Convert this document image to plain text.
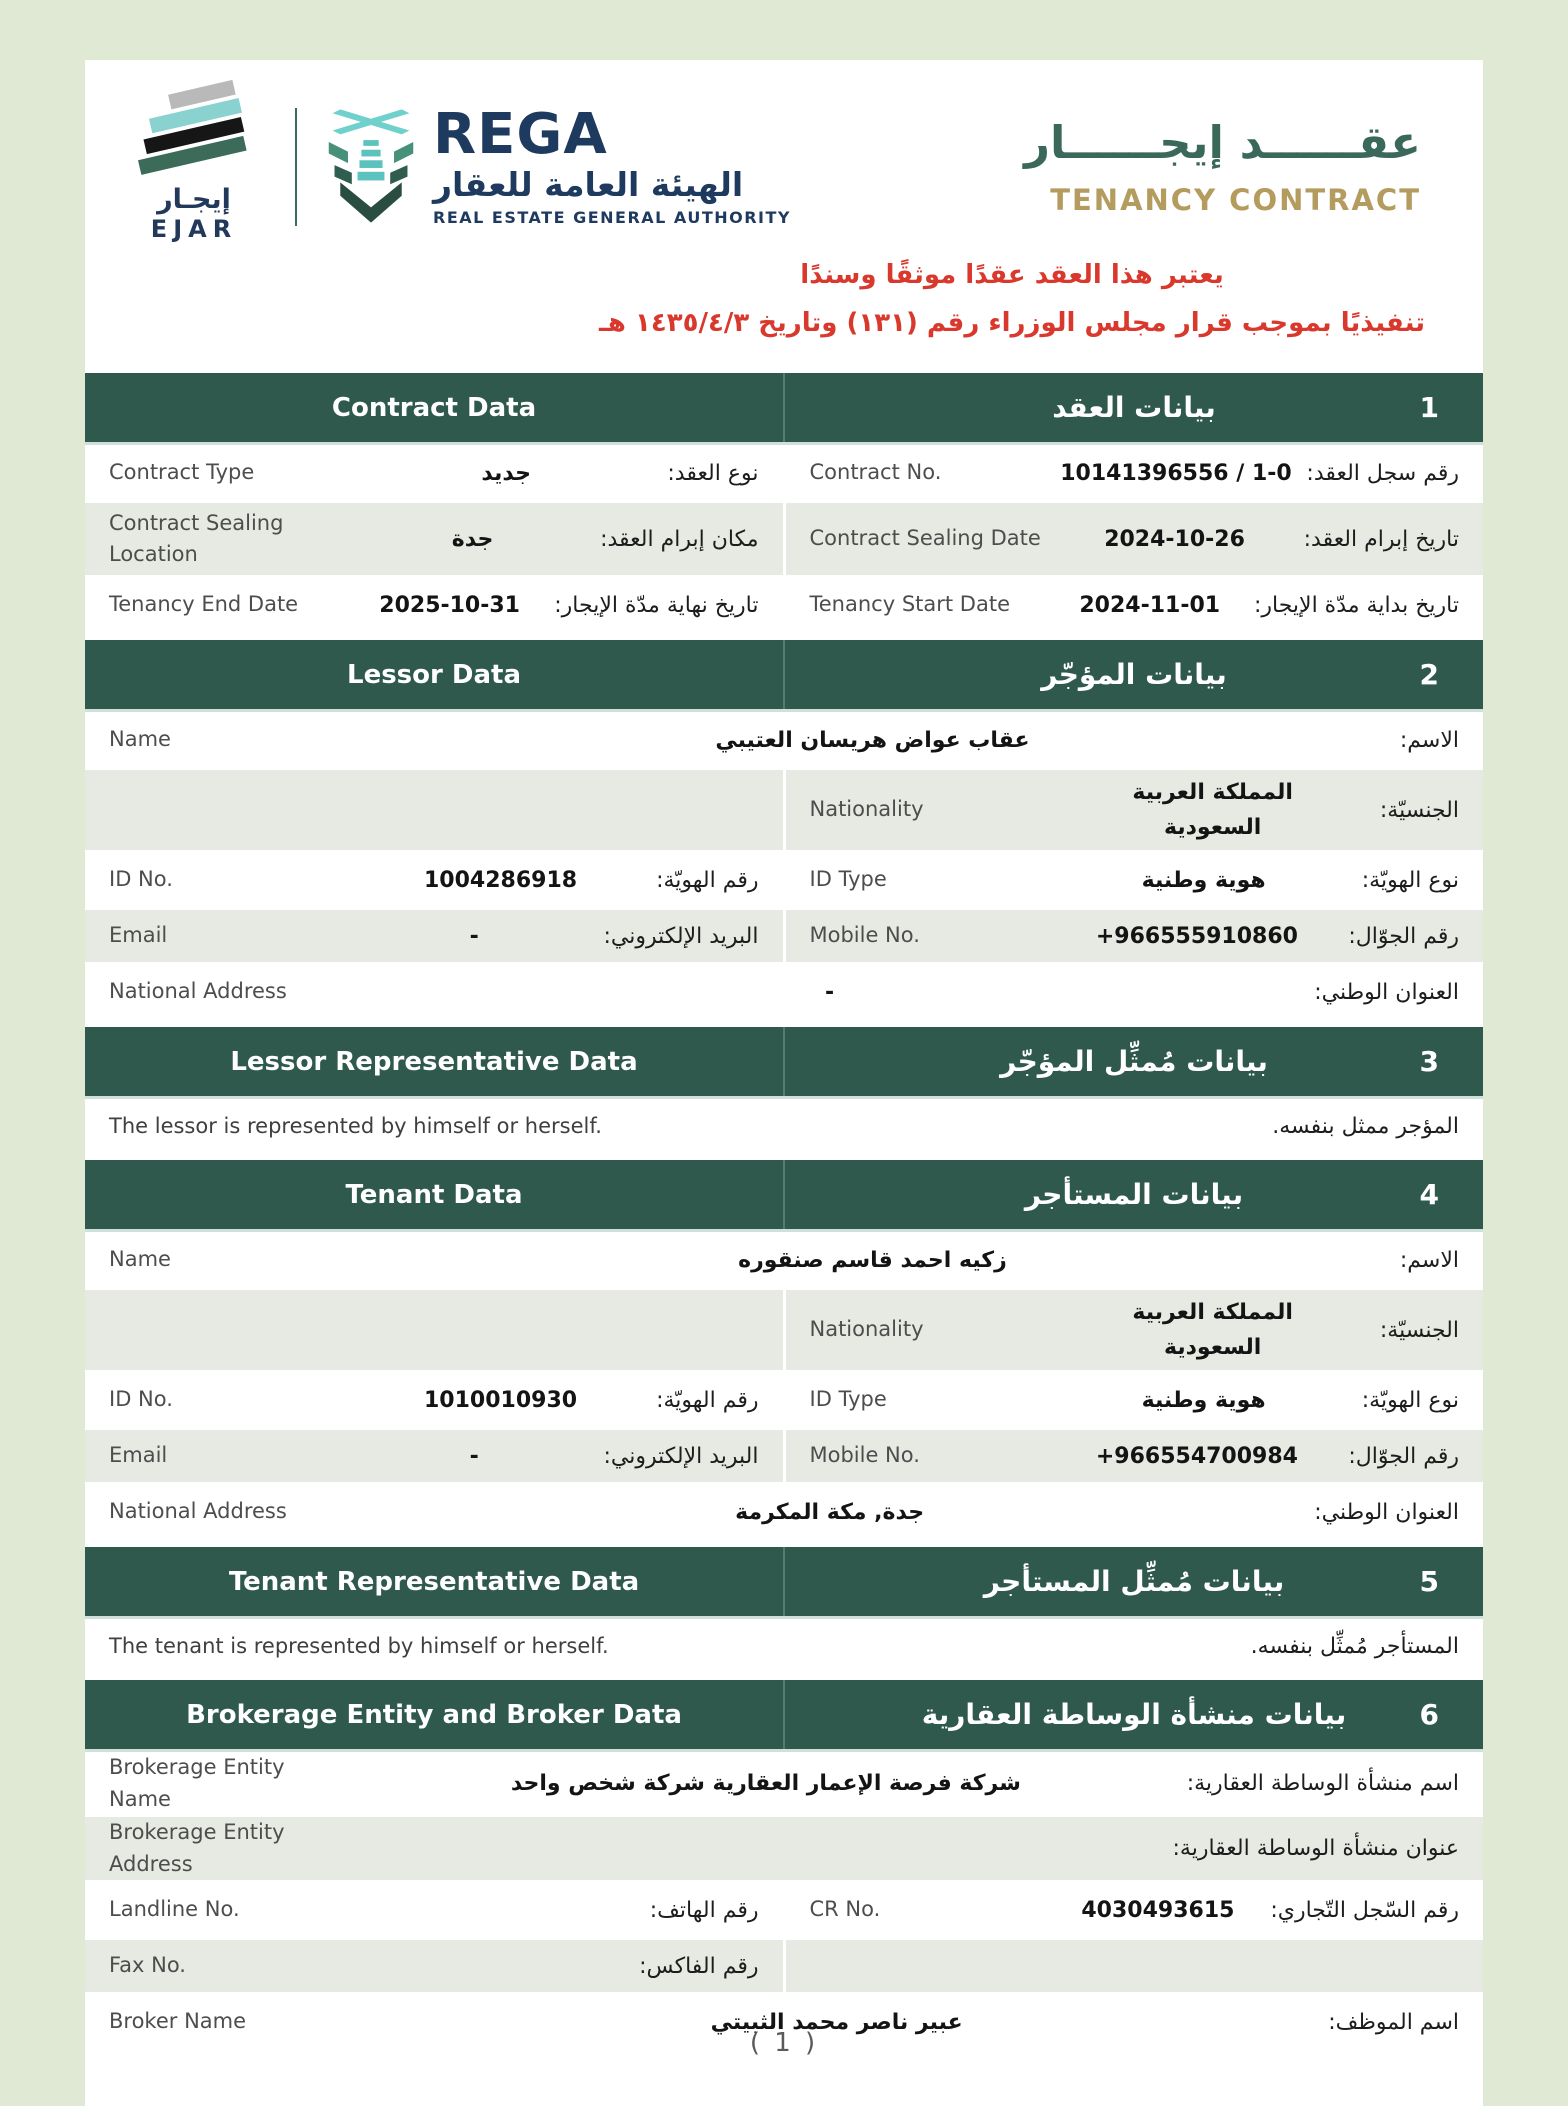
إيجـار
EJAR
REGA
الهيئة العامة للعقار
REAL ESTATE GENERAL AUTHORITY
عقــــــد إيجــــــار
TENANCY CONTRACT
يعتبر هذا العقد عقدًا موثقًا وسندًا
تنفيذيًا بموجب قرار مجلس الوزراء رقم (١٣١) وتاريخ ١٤٣٥/٤/٣ هـ
Contract Data	بيانات العقد	1
Contract Type	جديد	نوع العقد: Contract No.	10141396556 / 1-0 رقم سجل العقد:
Contract Sealing Location
جدة	مكان إبرام العقد: Contract Sealing Date	2024-10-26	تاريخ إبرام العقد:
Tenancy End Date	2025-10-31	تاريخ نهاية مدّة الإيجار: Tenancy Start Date	2024-11-01	تاريخ بداية مدّة الإيجار:
Lessor Data	بيانات المؤجّر	2
Name	عقاب عواض هريسان العتيبي	الاسم:
Nationality
المملكة العربية السعودية
الجنسيّة:
ID No.	1004286918	رقم الهويّة: ID Type	هوية وطنية	نوع الهويّة:
Email	-	البريد الإلكتروني: Mobile No.	+966555910860	رقم الجوّال:
National Address	-	العنوان الوطني:
Lessor Representative Data	بيانات مُمثِّل المؤجّر	3
The lessor is represented by himself or herself.	المؤجر ممثل بنفسه.
Tenant Data	بيانات المستأجر	4
Name	زكيه احمد قاسم صنقوره	الاسم:
Nationality
المملكة العربية السعودية
الجنسيّة:
ID No.	1010010930	رقم الهويّة: ID Type	هوية وطنية	نوع الهويّة:
Email	-	البريد الإلكتروني: Mobile No.	+966554700984	رقم الجوّال:
National Address	جدة, مكة المكرمة	العنوان الوطني:
Tenant Representative Data	بيانات مُمثِّل المستأجر	5
The tenant is represented by himself or herself.	المستأجر مُمثِّل بنفسه.
Brokerage Entity and Broker Data	بيانات منشأة الوساطة العقارية	6
Brokerage Entity Name
شركة فرصة الإعمار العقارية شركة شخص واحد	اسم منشأة الوساطة العقارية:
Brokerage Entity Address
عنوان منشأة الوساطة العقارية:
Landline No.	رقم الهاتف: CR No.	4030493615	رقم السّجل التّجاري:
Fax No.	رقم الفاكس:
Broker Name	عبير ناصر محمد الثبيتي	اسم الموظف:
( 1 )
